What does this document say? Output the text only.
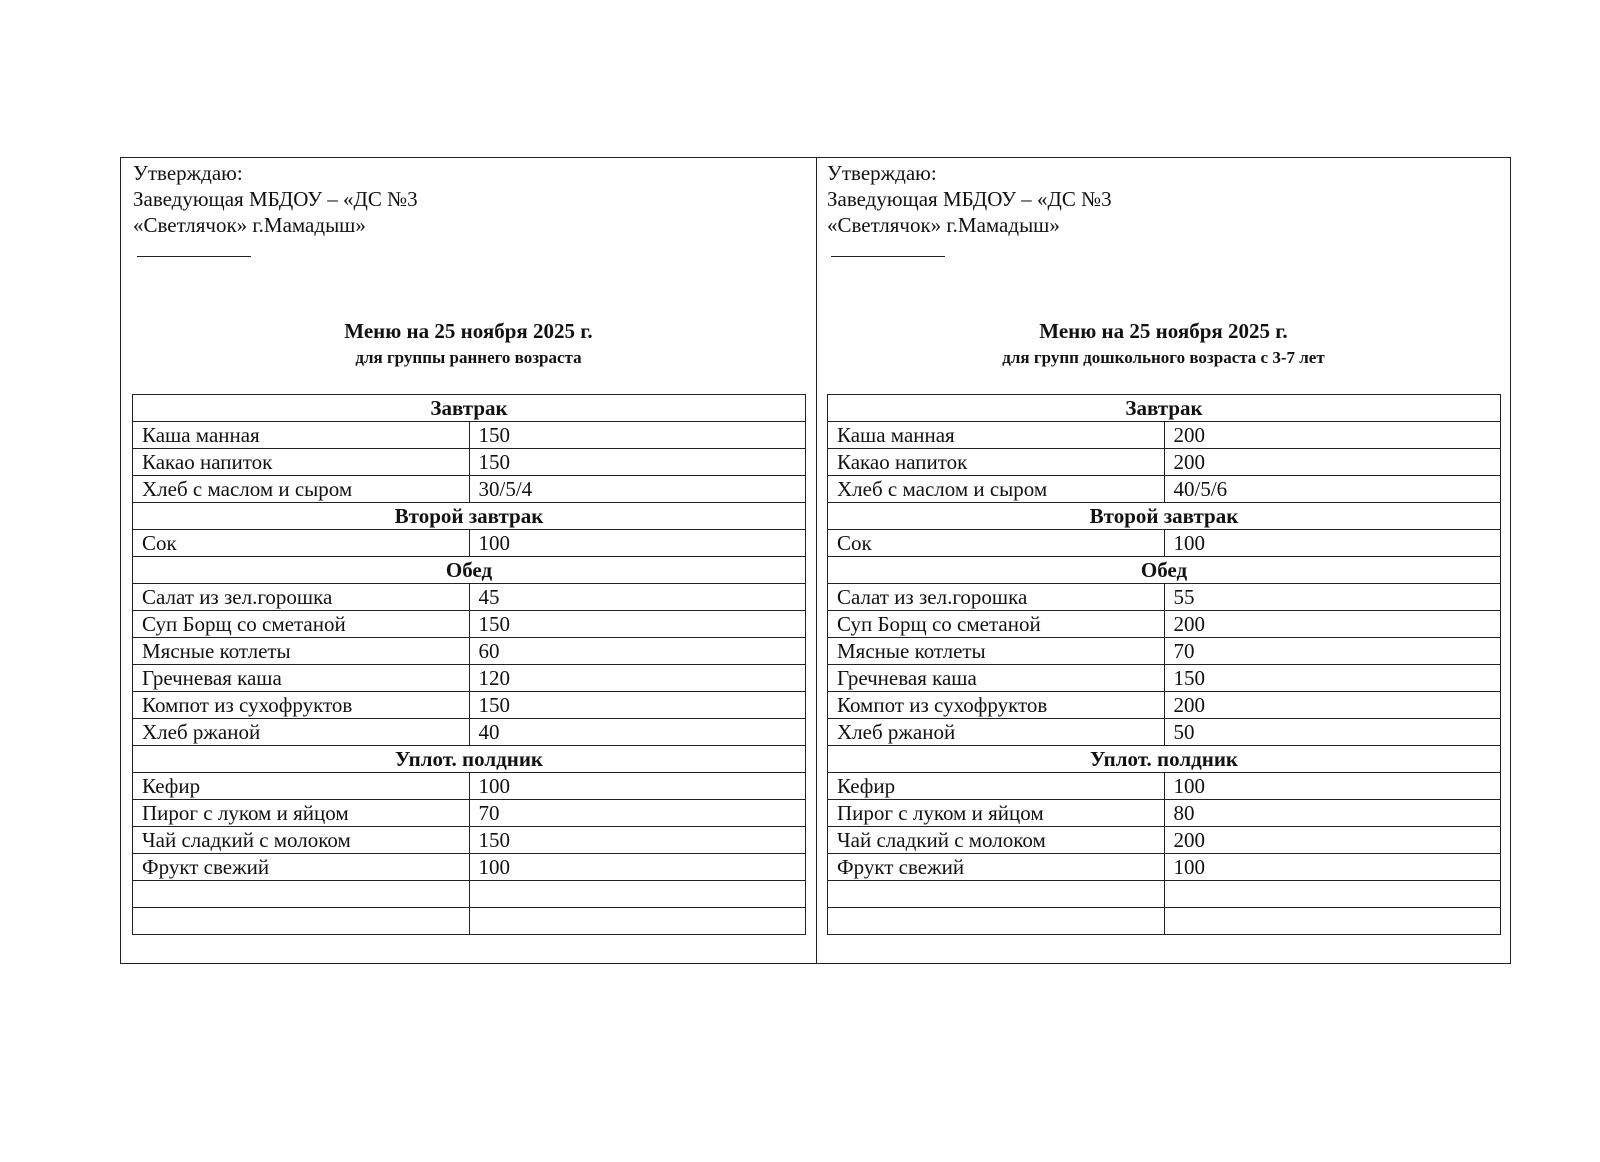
Утверждаю:
Заведующая МБДОУ – «ДС №3
«Светлячок» г.Мамадыш»
Меню на 25 ноября 2025 г.
для группы раннего возраста
Завтрак	
Каша манная	150
Какао напиток	150
Хлеб с маслом и сыром	30/5/4
Второй завтрак	
Сок	100
Обед	
Салат из зел.горошка	45
Суп Борщ со сметаной	150
Мясные котлеты	60
Гречневая каша	120
Компот из сухофруктов	150
Хлеб ржаной	40
Уплот. полдник	
Кефир	100
Пирог с луком и яйцом	70
Чай сладкий с молоком	150
Фрукт свежий	100

Утверждаю:
Заведующая МБДОУ – «ДС №3
«Светлячок» г.Мамадыш»
Меню на 25 ноября 2025 г.
для групп дошкольного возраста с 3-7 лет
Завтрак	
Каша манная	200
Какао напиток	200
Хлеб с маслом и сыром	40/5/6
Второй завтрак	
Сок	100
Обед	
Салат из зел.горошка	55
Суп Борщ со сметаной	200
Мясные котлеты	70
Гречневая каша	150
Компот из сухофруктов	200
Хлеб ржаной	50
Уплот. полдник	
Кефир	100
Пирог с луком и яйцом	80
Чай сладкий с молоком	200
Фрукт свежий	100
